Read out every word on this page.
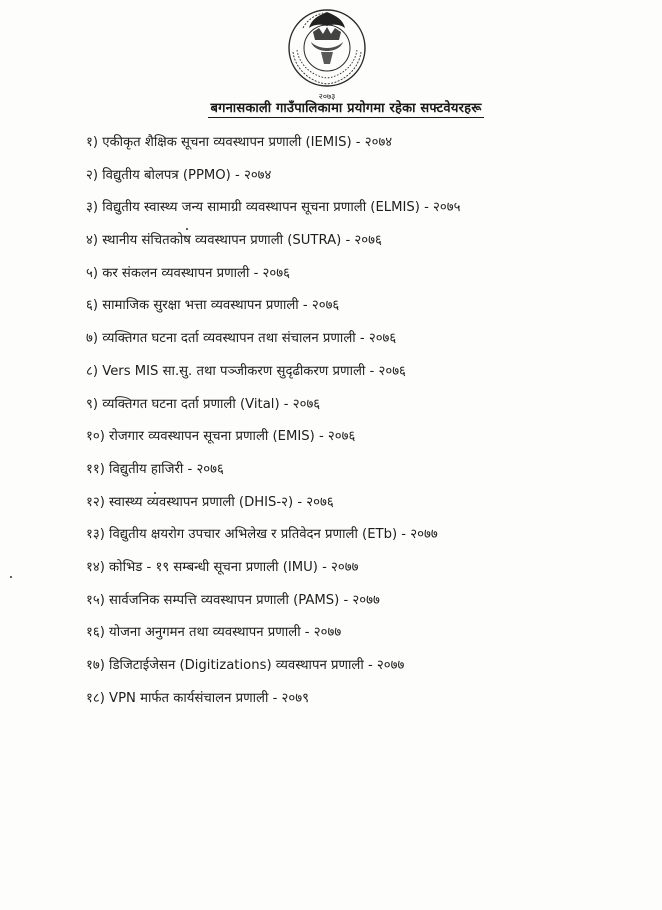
२०७३
बगनासकाली गाउँपालिकामा प्रयोगमा रहेका सफ्टवेयरहरू
१) एकीकृत शैक्षिक सूचना व्यवस्थापन प्रणाली (IEMIS) - २०७४
२) विद्युतीय बोलपत्र (PPMO) - २०७४
३) विद्युतीय स्वास्थ्य जन्य सामाग्री व्यवस्थापन सूचना प्रणाली (ELMIS) - २०७५
४) स्थानीय संचितकोष व्यवस्थापन प्रणाली (SUTRA) - २०७६
५) कर संकलन व्यवस्थापन प्रणाली - २०७६
६) सामाजिक सुरक्षा भत्ता व्यवस्थापन प्रणाली - २०७६
७) व्यक्तिगत घटना दर्ता व्यवस्थापन तथा संचालन प्रणाली - २०७६
८) Vers MIS सा.सु. तथा पञ्जीकरण सुदृढीकरण प्रणाली - २०७६
९) व्यक्तिगत घटना दर्ता प्रणाली (Vital) - २०७६
१०) रोजगार व्यवस्थापन सूचना प्रणाली (EMIS) - २०७६
११) विद्युतीय हाजिरी - २०७६
१२) स्वास्थ्य व्यवस्थापन प्रणाली (DHIS-२) - २०७६
१३) विद्युतीय क्षयरोग उपचार अभिलेख र प्रतिवेदन प्रणाली (ETb) - २०७७
१४) कोभिड - १९ सम्बन्धी सूचना प्रणाली (IMU) - २०७७
१५) सार्वजनिक सम्पत्ति व्यवस्थापन प्रणाली (PAMS) - २०७७
१६) योजना अनुगमन तथा व्यवस्थापन प्रणाली - २०७७
१७) डिजिटाईजेसन (Digitizations) व्यवस्थापन प्रणाली - २०७७
१८) VPN मार्फत कार्यसंचालन प्रणाली - २०७९
